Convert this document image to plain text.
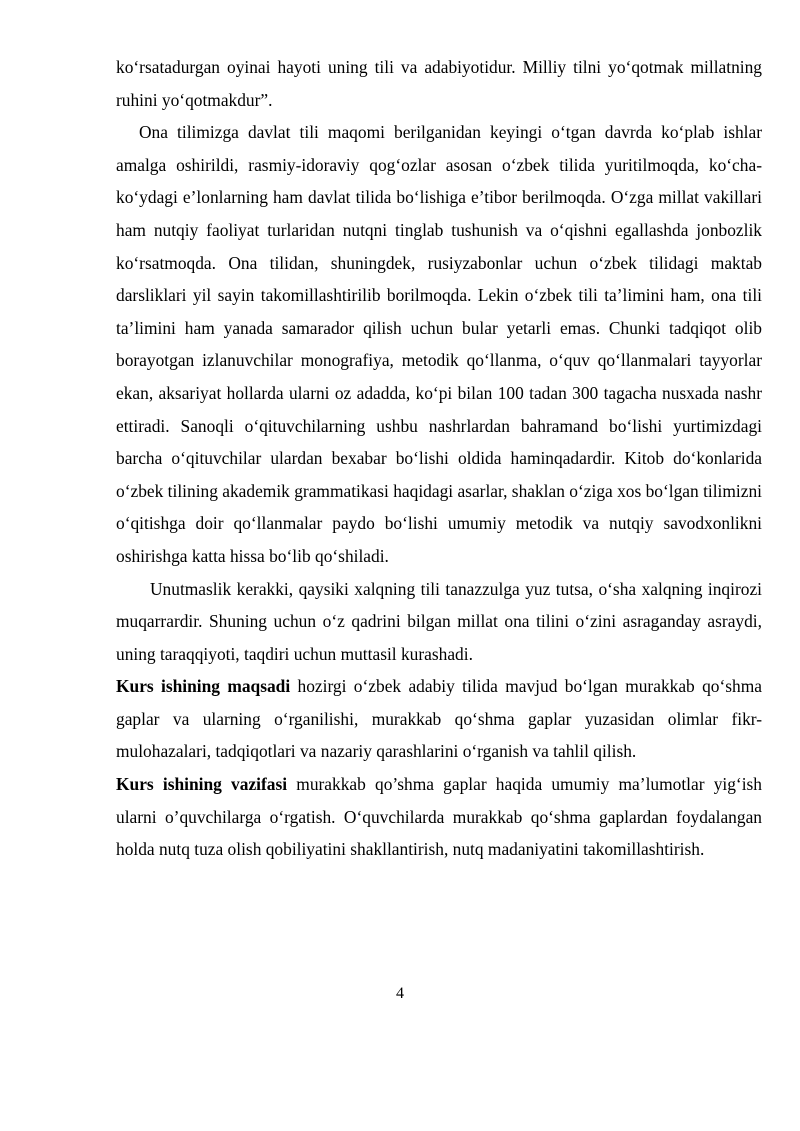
ko‘rsatadurgan oyinai hayoti uning tili va adabiyotidur. Milliy tilni yo‘qotmak millatning ruhini yo‘qotmakdur”.

Ona tilimizga davlat tili maqomi berilganidan keyingi o‘tgan davrda ko‘plab ishlar amalga oshirildi, rasmiy-idoraviy qog‘ozlar asosan o‘zbek tilida yuritilmoqda, ko‘cha-ko‘ydagi e’lonlarning ham davlat tilida bo‘lishiga e’tibor berilmoqda. O‘zga millat vakillari ham nutqiy faoliyat turlaridan nutqni tinglab tushunish va o‘qishni egallashda jonbozlik ko‘rsatmoqda. Ona tilidan, shuningdek, rusiyzabonlar uchun o‘zbek tilidagi maktab darsliklari yil sayin takomillashtirilib borilmoqda. Lekin o‘zbek tili ta’limini ham, ona tili ta’limini ham yanada samarador qilish uchun bular yetarli emas. Chunki tadqiqot olib borayotgan izlanuvchilar monografiya, metodik qo‘llanma, o‘quv qo‘llanmalari tayyorlar ekan, aksariyat hollarda ularni oz adadda, ko‘pi bilan 100 tadan 300 tagacha nusxada nashr ettiradi. Sanoqli o‘qituvchilarning ushbu nashrlardan bahramand bo‘lishi yurtimizdagi barcha o‘qituvchilar ulardan bexabar bo‘lishi oldida haminqadardir. Kitob do‘konlarida o‘zbek tilining akademik grammatikasi haqidagi asarlar, shaklan o‘ziga xos bo‘lgan tilimizni o‘qitishga doir qo‘llanmalar paydo bo‘lishi umumiy metodik va nutqiy savodxonlikni oshirishga katta hissa bo‘lib qo‘shiladi.

Unutmaslik kerakki, qaysiki xalqning tili tanazzulga yuz tutsa, o‘sha xalqning inqirozi muqarrardir. Shuning uchun o‘z qadrini bilgan millat ona tilini o‘zini asraganday asraydi, uning taraqqiyoti, taqdiri uchun muttasil kurashadi.

Kurs ishining maqsadi hozirgi o‘zbek adabiy tilida mavjud bo‘lgan murakkab qo‘shma gaplar va ularning o‘rganilishi, murakkab qo‘shma gaplar yuzasidan olimlar fikr-mulohazalari, tadqiqotlari va nazariy qarashlarini o‘rganish va tahlil qilish.

Kurs ishining vazifasi murakkab qo’shma gaplar haqida umumiy ma’lumotlar yig‘ish ularni o’quvchilarga o‘rgatish. O‘quvchilarda murakkab qo‘shma gaplardan foydalangan holda nutq tuza olish qobiliyatini shakllantirish, nutq madaniyatini takomillashtirish.

4
